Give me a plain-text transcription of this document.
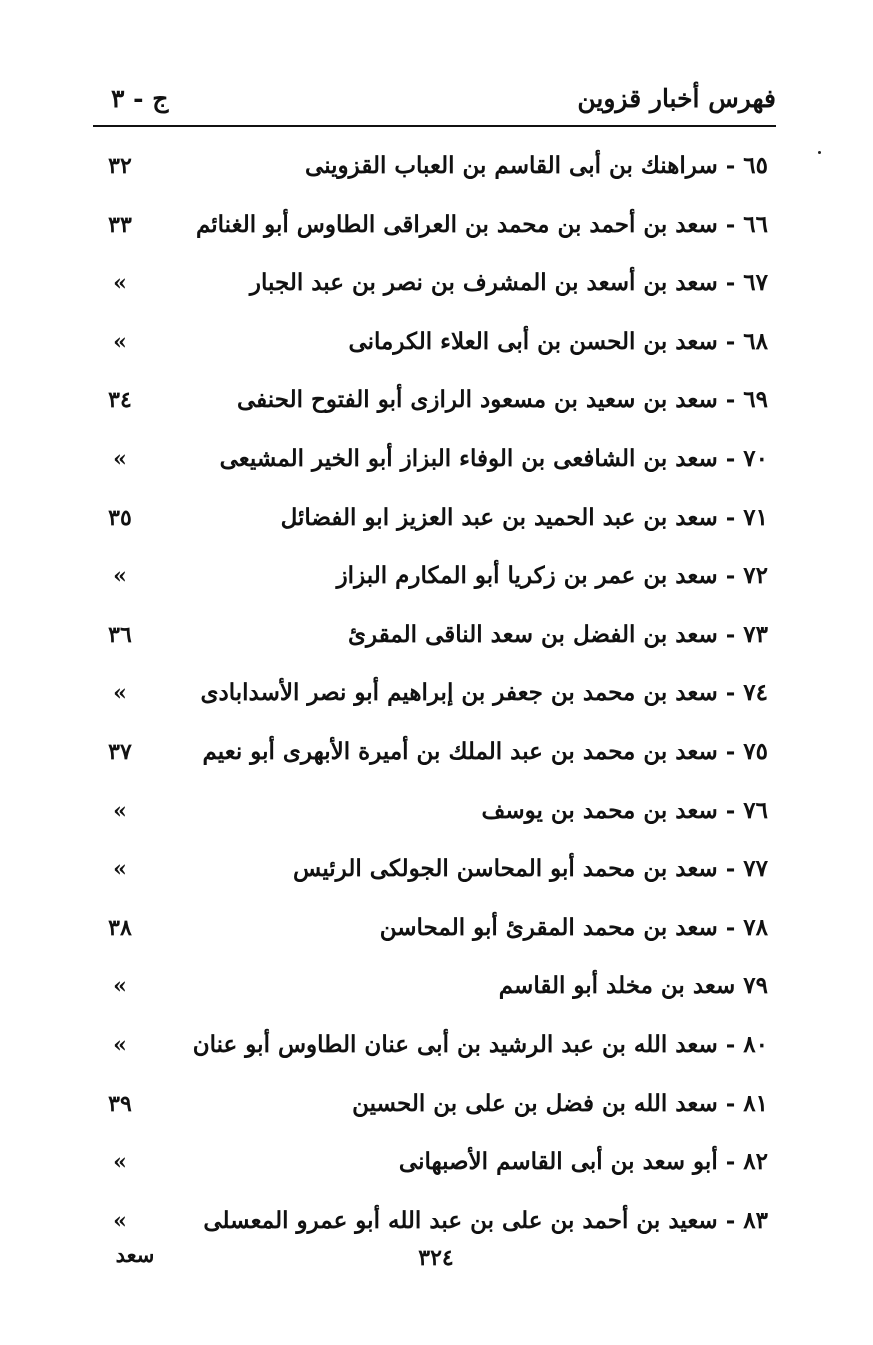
فهرس أخبار قزوين
ج - ٣
٦٥ - سراهنك بن أبى القاسم بن العباب القزوينى
٣٢
٦٦ - سعد بن أحمد بن محمد بن العراقى الطاوس أبو الغنائم
٣٣
٦٧ - سعد بن أسعد بن المشرف بن نصر بن عبد الجبار
»
٦٨ - سعد بن الحسن بن أبى العلاء الكرمانى
»
٦٩ - سعد بن سعيد بن مسعود الرازى أبو الفتوح الحنفى
٣٤
٧٠ - سعد بن الشافعى بن الوفاء البزاز أبو الخير المشيعى
»
٧١ - سعد بن عبد الحميد بن عبد العزيز ابو الفضائل
٣٥
٧٢ - سعد بن عمر بن زكريا أبو المكارم البزاز
»
٧٣ - سعد بن الفضل بن سعد الناقى المقرئ
٣٦
٧٤ - سعد بن محمد بن جعفر بن إبراهيم أبو نصر الأسدابادى
»
٧٥ - سعد بن محمد بن عبد الملك بن أميرة الأبهرى أبو نعيم
٣٧
٧٦ - سعد بن محمد بن يوسف
»
٧٧ - سعد بن محمد أبو المحاسن الجولكى الرئيس
»
٧٨ - سعد بن محمد المقرئ أبو المحاسن
٣٨
٧٩ سعد بن مخلد أبو القاسم
»
٨٠ - سعد الله بن عبد الرشيد بن أبى عنان الطاوس أبو عنان
»
٨١ - سعد الله بن فضل بن على بن الحسين
٣٩
٨٢ - أبو سعد بن أبى القاسم الأصبهانى
»
٨٣ - سعيد بن أحمد بن على بن عبد الله أبو عمرو المعسلى
»
٣٢٤
سعد
